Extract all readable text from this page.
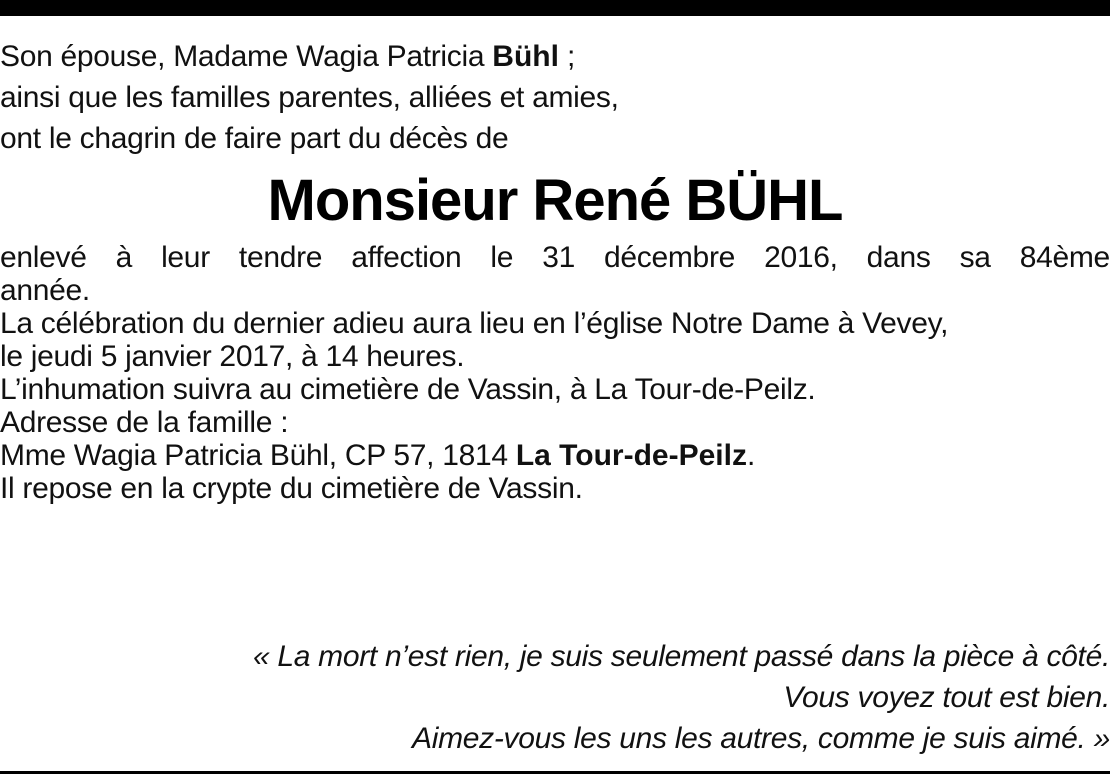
Son épouse, Madame Wagia Patricia Bühl ;
ainsi que les familles parentes, alliées et amies,
ont le chagrin de faire part du décès de
Monsieur René BÜHL
enlevé à leur tendre affection le 31 décembre 2016, dans sa 84ème
année.
La célébration du dernier adieu aura lieu en l’église Notre Dame à Vevey,
le jeudi 5 janvier 2017, à 14 heures.
L’inhumation suivra au cimetière de Vassin, à La Tour-de-Peilz.
Adresse de la famille :
Mme Wagia Patricia Bühl, CP 57, 1814 La Tour-de-Peilz.
Il repose en la crypte du cimetière de Vassin.
« La mort n’est rien, je suis seulement passé dans la pièce à côté.
Vous voyez tout est bien.
Aimez-vous les uns les autres, comme je suis aimé. »
